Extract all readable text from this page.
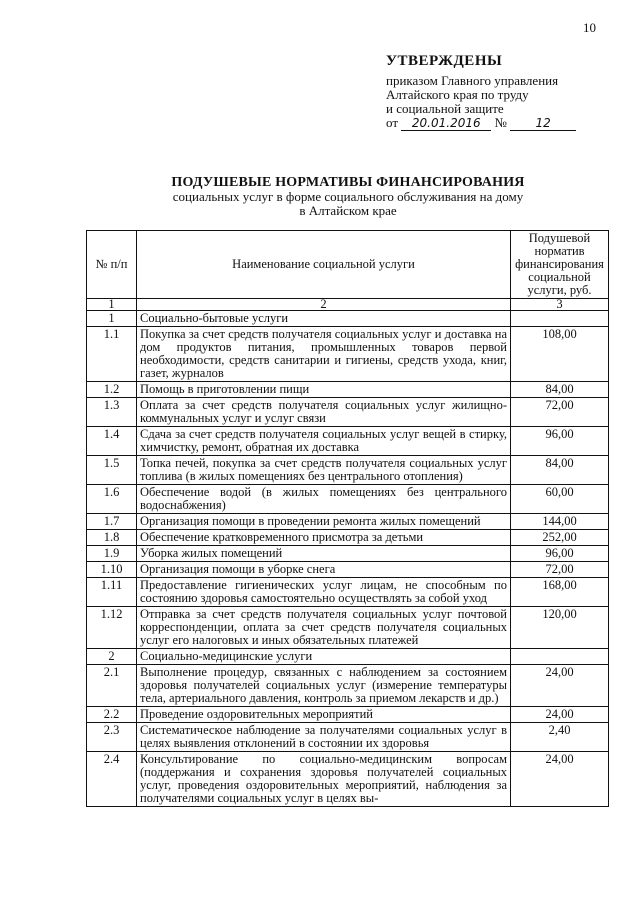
10
УТВЕРЖДЕНЫ
приказом Главного управления
Алтайского края по труду
и социальной защите
от 20.01.2016 № 12
ПОДУШЕВЫЕ НОРМАТИВЫ ФИНАНСИРОВАНИЯ
социальных услуг в форме социального обслуживания на дому
в Алтайском крае
№ п/п	Наименование социальной услуги	Подушевой норматив финансирования социальной услуги, руб.
1	2	3
1	Социально-бытовые услуги	
1.1	Покупка за счет средств получателя социальных услуг и доставка на дом продуктов питания, промышленных товаров первой необходимости, средств санитарии и гигиены, средств ухода, книг, газет, журналов	108,00
1.2	Помощь в приготовлении пищи	84,00
1.3	Оплата за счет средств получателя социальных услуг жилищно-коммунальных услуг и услуг связи	72,00
1.4	Сдача за счет средств получателя социальных услуг вещей в стирку, химчистку, ремонт, обратная их доставка	96,00
1.5	Топка печей, покупка за счет средств получателя социальных услуг топлива (в жилых помещениях без центрального отопления)	84,00
1.6	Обеспечение водой (в жилых помещениях без центрального водоснабжения)	60,00
1.7	Организация помощи в проведении ремонта жилых помещений	144,00
1.8	Обеспечение кратковременного присмотра за детьми	252,00
1.9	Уборка жилых помещений	96,00
1.10	Организация помощи в уборке снега	72,00
1.11	Предоставление гигиенических услуг лицам, не способным по состоянию здоровья самостоятельно осуществлять за собой уход	168,00
1.12	Отправка за счет средств получателя социальных услуг почтовой корреспонденции, оплата за счет средств получателя социальных услуг его налоговых и иных обязательных платежей	120,00
2	Социально-медицинские услуги	
2.1	Выполнение процедур, связанных с наблюдением за состоянием здоровья получателей социальных услуг (измерение температуры тела, артериального давления, контроль за приемом лекарств и др.)	24,00
2.2	Проведение оздоровительных мероприятий	24,00
2.3	Систематическое наблюдение за получателями социальных услуг в целях выявления отклонений в состоянии их здоровья	2,40
2.4	Консультирование по социально-медицинским вопросам (поддержания и сохранения здоровья получателей социальных услуг, проведения оздоровительных мероприятий, наблюдения за получателями социальных услуг в целях вы-	24,00
